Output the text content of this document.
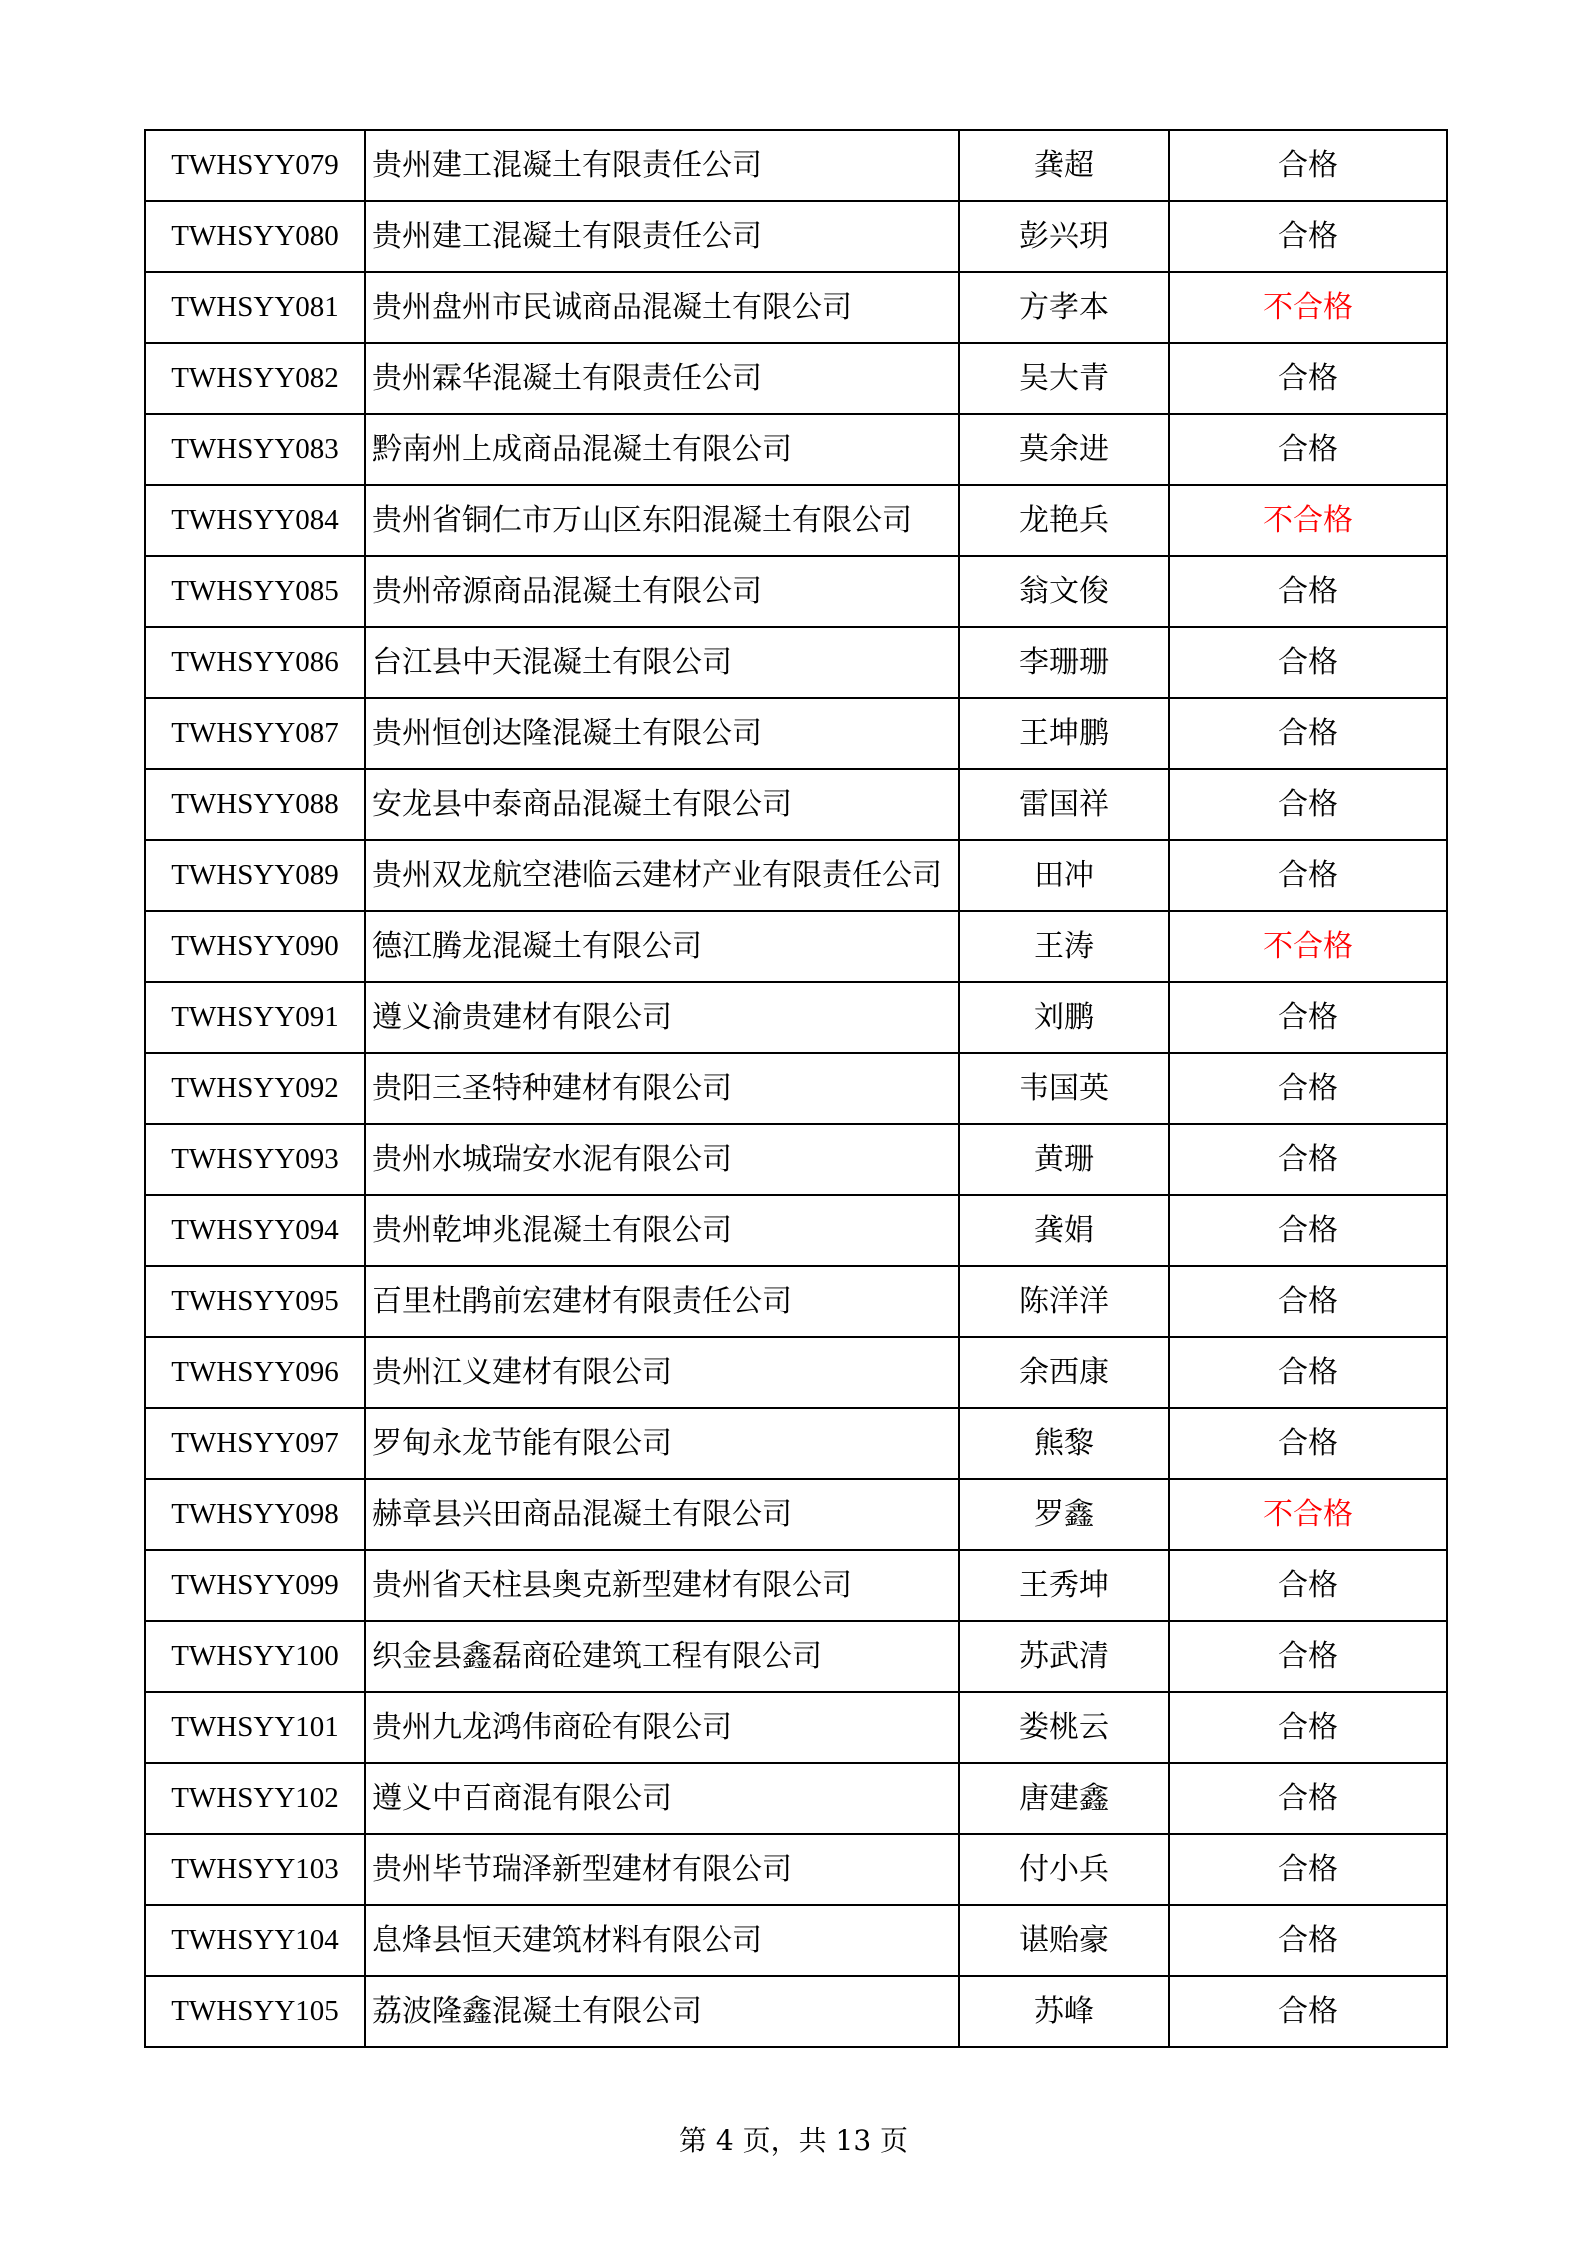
TWHSYY079	贵州建工混凝土有限责任公司	龚超	合格
TWHSYY080	贵州建工混凝土有限责任公司	彭兴玥	合格
TWHSYY081	贵州盘州市民诚商品混凝土有限公司	方孝本	不合格
TWHSYY082	贵州霖华混凝土有限责任公司	吴大青	合格
TWHSYY083	黔南州上成商品混凝土有限公司	莫余进	合格
TWHSYY084	贵州省铜仁市万山区东阳混凝土有限公司	龙艳兵	不合格
TWHSYY085	贵州帝源商品混凝土有限公司	翁文俊	合格
TWHSYY086	台江县中天混凝土有限公司	李珊珊	合格
TWHSYY087	贵州恒创达隆混凝土有限公司	王坤鹏	合格
TWHSYY088	安龙县中泰商品混凝土有限公司	雷国祥	合格
TWHSYY089	贵州双龙航空港临云建材产业有限责任公司	田冲	合格
TWHSYY090	德江腾龙混凝土有限公司	王涛	不合格
TWHSYY091	遵义渝贵建材有限公司	刘鹏	合格
TWHSYY092	贵阳三圣特种建材有限公司	韦国英	合格
TWHSYY093	贵州水城瑞安水泥有限公司	黄珊	合格
TWHSYY094	贵州乾坤兆混凝土有限公司	龚娟	合格
TWHSYY095	百里杜鹃前宏建材有限责任公司	陈洋洋	合格
TWHSYY096	贵州江义建材有限公司	余西康	合格
TWHSYY097	罗甸永龙节能有限公司	熊黎	合格
TWHSYY098	赫章县兴田商品混凝土有限公司	罗鑫	不合格
TWHSYY099	贵州省天柱县奥克新型建材有限公司	王秀坤	合格
TWHSYY100	织金县鑫磊商砼建筑工程有限公司	苏武清	合格
TWHSYY101	贵州九龙鸿伟商砼有限公司	娄桃云	合格
TWHSYY102	遵义中百商混有限公司	唐建鑫	合格
TWHSYY103	贵州毕节瑞泽新型建材有限公司	付小兵	合格
TWHSYY104	息烽县恒天建筑材料有限公司	谌贻豪	合格
TWHSYY105	荔波隆鑫混凝土有限公司	苏峰	合格
第 4 页，共 13 页
